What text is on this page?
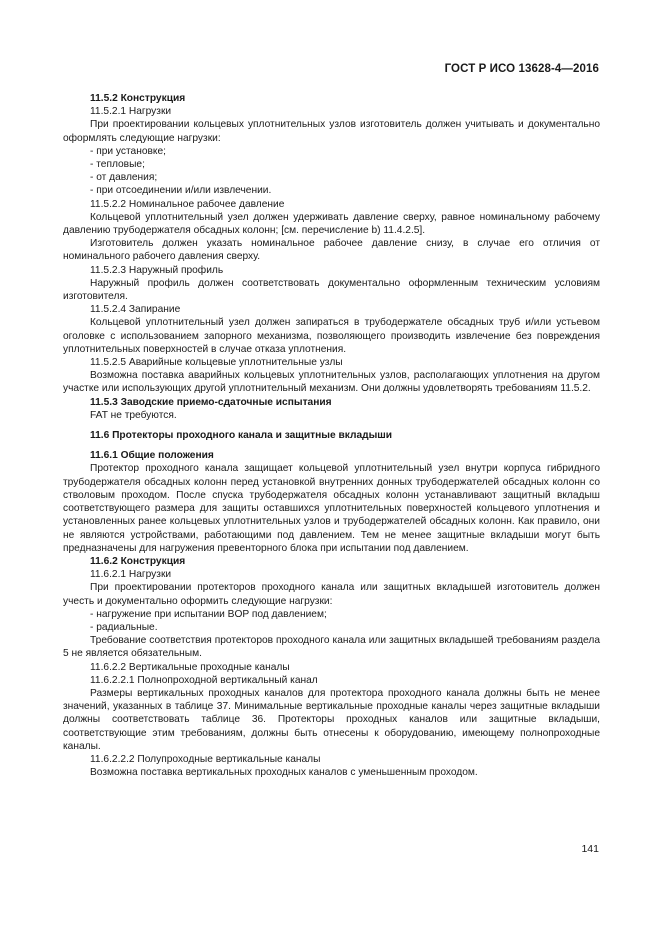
ГОСТ Р ИСО 13628-4—2016

11.5.2 Конструкция

11.5.2.1 Нагрузки

При проектировании кольцевых уплотнительных узлов изготовитель должен учитывать и документально оформлять следующие нагрузки:

- при установке;

- тепловые;

- от давления;

- при отсоединении и/или извлечении.

11.5.2.2 Номинальное рабочее давление

Кольцевой уплотнительный узел должен удерживать давление сверху, равное номинальному рабочему давлению трубодержателя обсадных колонн; [см. перечисление b) 11.4.2.5].

Изготовитель должен указать номинальное рабочее давление снизу, в случае его отличия от номинального рабочего давления сверху.

11.5.2.3 Наружный профиль

Наружный профиль должен соответствовать документально оформленным техническим условиям изготовителя.

11.5.2.4 Запирание

Кольцевой уплотнительный узел должен запираться в трубодержателе обсадных труб и/или устьевом оголовке с использованием запорного механизма, позволяющего производить извлечение без повреждения уплотнительных поверхностей в случае отказа уплотнения.

11.5.2.5 Аварийные кольцевые уплотнительные узлы

Возможна поставка аварийных кольцевых уплотнительных узлов, располагающих уплотнения на другом участке или использующих другой уплотнительный механизм. Они должны удовлетворять требованиям 11.5.2.

11.5.3 Заводские приемо-сдаточные испытания

FAT не требуются.

11.6 Протекторы проходного канала и защитные вкладыши

11.6.1 Общие положения

Протектор проходного канала защищает кольцевой уплотнительный узел внутри корпуса гибридного трубодержателя обсадных колонн перед установкой внутренних донных трубодержателей обсадных колонн со стволовым проходом. После спуска трубодержателя обсадных колонн устанавливают защитный вкладыш соответствующего размера для защиты оставшихся уплотнительных поверхностей кольцевого уплотнения и установленных ранее кольцевых уплотнительных узлов и трубодержателей обсадных колонн. Как правило, они не являются устройствами, работающими под давлением. Тем не менее защитные вкладыши могут быть предназначены для нагружения превенторного блока при испытании под давлением.

11.6.2 Конструкция

11.6.2.1 Нагрузки

При проектировании протекторов проходного канала или защитных вкладышей изготовитель должен учесть и документально оформить следующие нагрузки:

- нагружение при испытании BOP под давлением;

- радиальные.

Требование соответствия протекторов проходного канала или защитных вкладышей требованиям раздела 5 не является обязательным.

11.6.2.2 Вертикальные проходные каналы

11.6.2.2.1 Полнопроходной вертикальный канал

Размеры вертикальных проходных каналов для протектора проходного канала должны быть не менее значений, указанных в таблице 37. Минимальные вертикальные проходные каналы через защитные вкладыши должны соответствовать таблице 36. Протекторы проходных каналов или защитные вкладыши, соответствующие этим требованиям, должны быть отнесены к оборудованию, имеющему полнопроходные каналы.

11.6.2.2.2 Полупроходные вертикальные каналы

Возможна поставка вертикальных проходных каналов с уменьшенным проходом.

141
